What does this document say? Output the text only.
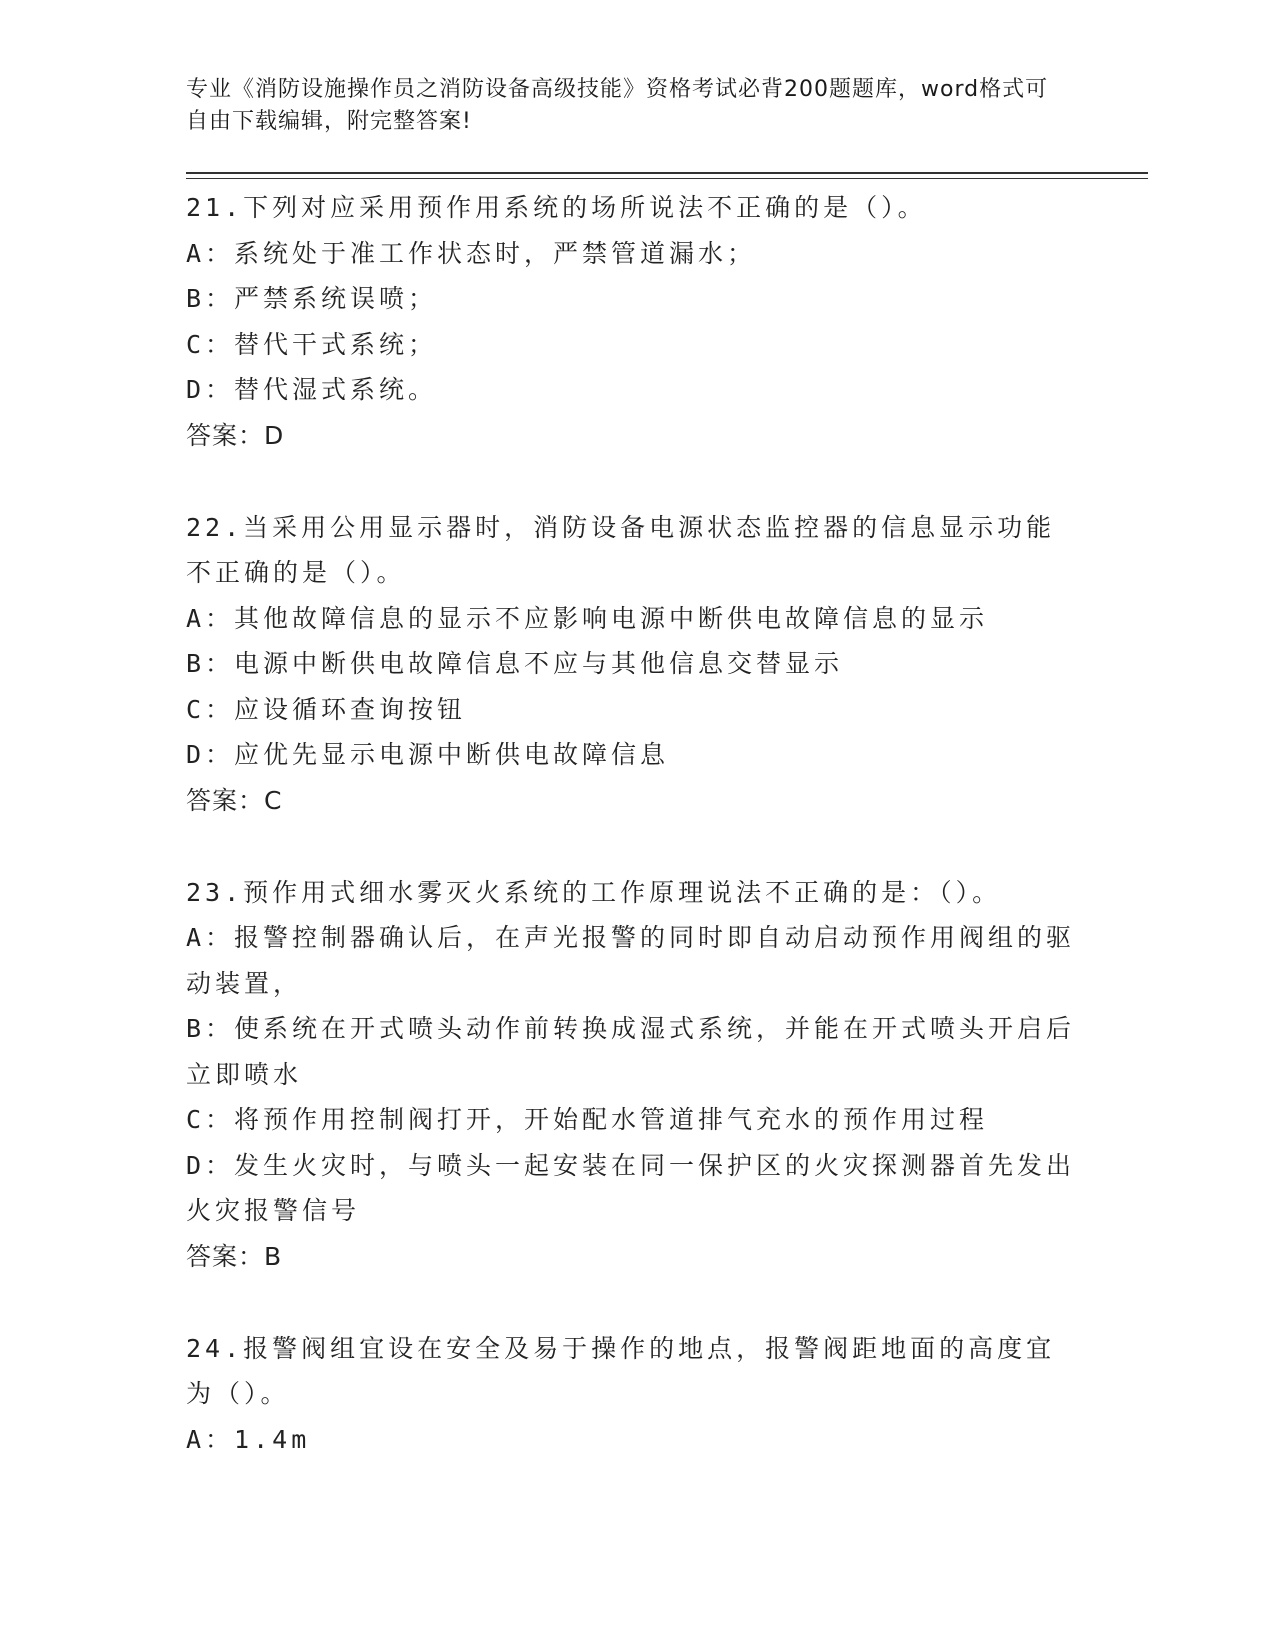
专业《消防设施操作员之消防设备高级技能》资格考试必背200题题库，word格式可自由下载编辑，附完整答案!
21.下列对应采用预作用系统的场所说法不正确的是（）。
A：系统处于准工作状态时，严禁管道漏水；
B：严禁系统误喷；
C：替代干式系统；
D：替代湿式系统。
答案：D
22.当采用公用显示器时，消防设备电源状态监控器的信息显示功能不正确的是（）。
A：其他故障信息的显示不应影响电源中断供电故障信息的显示
B：电源中断供电故障信息不应与其他信息交替显示
C：应设循环查询按钮
D：应优先显示电源中断供电故障信息
答案：C
23.预作用式细水雾灭火系统的工作原理说法不正确的是：（）。
A：报警控制器确认后，在声光报警的同时即自动启动预作用阀组的驱动装置，
B：使系统在开式喷头动作前转换成湿式系统，并能在开式喷头开启后立即喷水
C：将预作用控制阀打开，开始配水管道排气充水的预作用过程
D：发生火灾时，与喷头一起安装在同一保护区的火灾探测器首先发出火灾报警信号
答案：B
24.报警阀组宜设在安全及易于操作的地点，报警阀距地面的高度宜为（）。
A：1.4m
